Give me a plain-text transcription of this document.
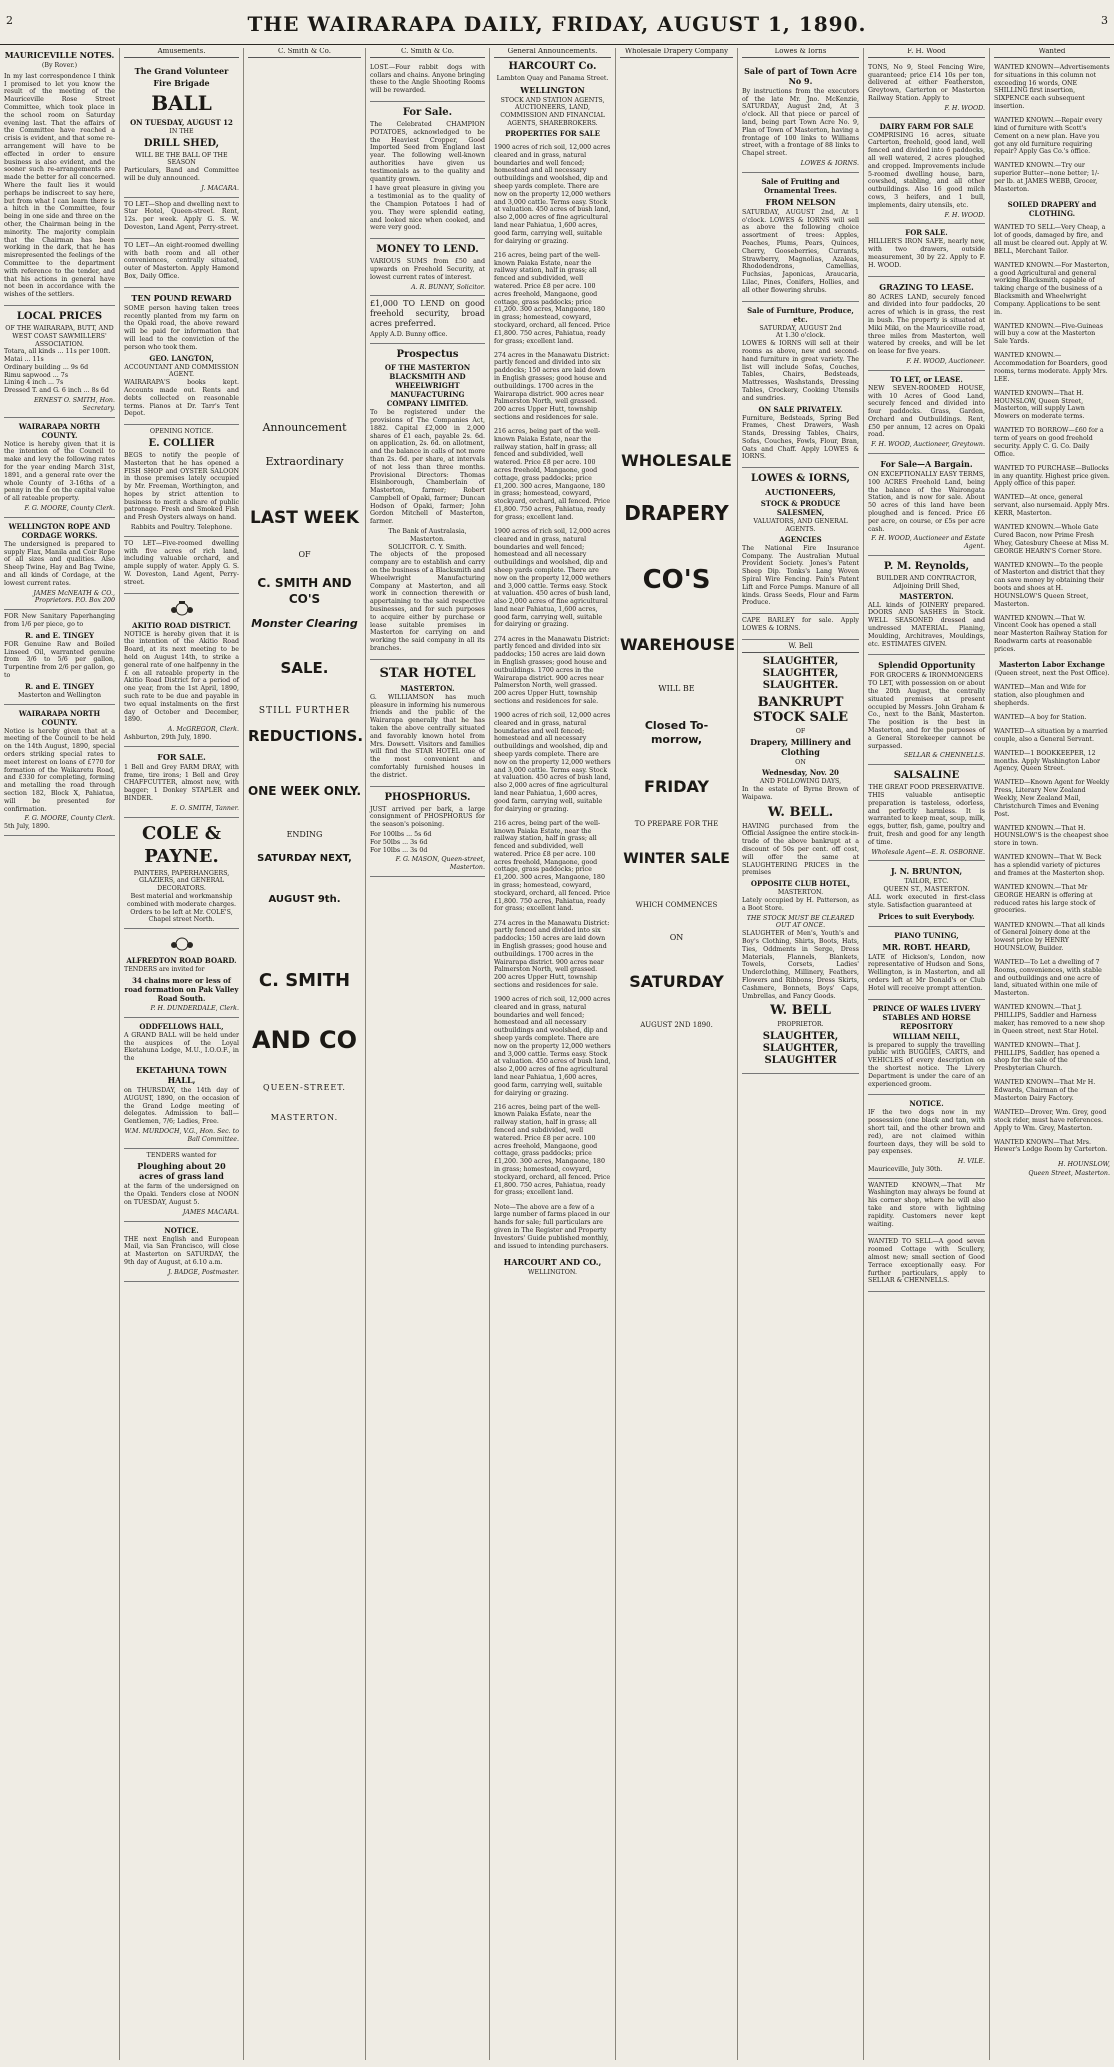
2	THE WAIRARAPA DAILY, FRIDAY, AUGUST 1, 1890.	3
MAURICEVILLE NOTES.
(By Rover.)

In my last correspondence I think I promised to let you know the result of the meeting of the Mauriceville Rose Street Committee, which took place in the school room on Saturday evening last. That the affairs of the Committee have reached a crisis is evident, and that some re-arrangement will have to be effected in order to ensure business is also evident, and the sooner such re-arrangements are made the better for all concerned. Where the fault lies it would perhaps be indiscreet to say here, but from what I can learn there is a hitch in the Committee, four being in one side and three on the other, the Chairman being in the minority. The majority complain that the Chairman has been working in the dark, that he has misrepresented the feelings of the Committee to the department with reference to the tender, and that his actions in general have not been in accordance with the wishes of the settlers.

LOCAL PRICES
OF THE WAIRARAPA, BUTT, AND WEST COAST SAWMILLERS' ASSOCIATION.
Totara, all kinds ... 11s per 100ft.
Matai ... 11s
Ordinary building ... 9s 6d
Rimu sapwood ... 7s
Lining 4 inch ... 7s
Dressed T. and G. 6 inch ... 8s 6d
ERNEST O. SMITH, Hon. Secretary.
WAIRARAPA NORTH COUNTY.

Notice is hereby given that it is the intention of the Council to make and levy the following rates for the year ending March 31st, 1891, and a general rate over the whole County of 3-16ths of a penny in the £ on the capital value of all rateable property.

F. G. MOORE, County Clerk.
WELLINGTON ROPE AND CORDAGE WORKS.

The undersigned is prepared to supply Flax, Manila and Coir Rope of all sizes and qualities. Also Sheep Twine, Hay and Bag Twine, and all kinds of Cordage, at the lowest current rates.

JAMES McNEATH & CO., Proprietors. P.O. Box 200

FOR New Sanitary Paperhanging from 1/6 per piece, go to

R. and E. TINGEY

FOR Genuine Raw and Boiled Linseed Oil, warranted genuine from 3/6 to 5/6 per gallon, Turpentine from 2/6 per gallon, go to

R. and E. TINGEY
Masterton and Wellington
WAIRARAPA NORTH COUNTY.

Notice is hereby given that at a meeting of the Council to be held on the 14th August, 1890, special orders striking special rates to meet interest on loans of £770 for formation of the Waikaretu Road, and £330 for completing, forming and metalling the road through section 182, Block X, Pahiatua, will be presented for confirmation.

F. G. MOORE, County Clerk.
5th July, 1890.
Amusements.
The Grand Volunteer
Fire Brigade
BALL
ON TUESDAY, AUGUST 12
IN THE
DRILL SHED,
WILL BE THE BALL OF THE SEASON

Particulars, Band and Committee will be duly announced.

J. MACARA.

TO LET—Shop and dwelling next to Star Hotel, Queen-street. Rent, 12s. per week. Apply G. S. W. Doveston, Land Agent, Perry-street.

TO LET—An eight-roomed dwelling with bath room and all other conveniences, centrally situated, outer of Masterton. Apply Hamond Box, Daily Office.

TEN POUND REWARD

SOME person having taken trees recently planted from my farm on the Opaki road, the above reward will be paid for information that will lead to the conviction of the person who took them.

GEO. LANGTON,
ACCOUNTANT AND COMMISSION AGENT.

WAIRARAPA'S books kept. Accounts made out. Rents and debts collected on reasonable terms. Pianos at Dr. Tarr's Tent Depot.

OPENING NOTICE.
E. COLLIER

BEGS to notify the people of Masterton that he has opened a FISH SHOP and OYSTER SALOON in those premises lately occupied by Mr. Freeman, Worthington, and hopes by strict attention to business to merit a share of public patronage. Fresh and Smoked Fish and Fresh Oysters always on hand.

Rabbits and Poultry. Telephone.

TO LET—Five-roomed dwelling with five acres of rich land, including valuable orchard, and ample supply of water. Apply G. S. W. Doveston, Land Agent, Perry-street.

AKITIO ROAD DISTRICT.

NOTICE is hereby given that it is the intention of the Akitio Road Board, at its next meeting to be held on August 14th, to strike a general rate of one halfpenny in the £ on all rateable property in the Akitio Road District for a period of one year, from the 1st April, 1890, such rate to be due and payable in two equal instalments on the first day of October and December, 1890.

A. McGREGOR, Clerk.
Ashburton, 29th July, 1890.
FOR SALE.

1 Bell and Grey FARM DRAY, with frame, tire irons; 1 Bell and Grey CHAFFCUTTER, almost new, with bagger; 1 Donkey STAPLER and BINDER.

E. O. SMITH, Tanner.
COLE &
PAYNE.
PAINTERS, PAPERHANGERS, GLAZIERS, and GENERAL DECORATORS.
Best material and workmanship combined with moderate charges.
Orders to be left at Mr. COLE'S, Chapel street North.
ALFREDTON ROAD BOARD.

TENDERS are invited for

34 chains more or less of road formation on Pak Valley Road South.
P. H. DUNDERDALE, Clerk.
ODDFELLOWS HALL,

A GRAND BALL will be held under the auspices of the Loyal Eketahuna Lodge, M.U., I.O.O.F., in the

EKETAHUNA TOWN HALL,

on THURSDAY, the 14th day of AUGUST, 1890, on the occasion of the Grand Lodge meeting of delegates. Admission to ball—Gentlemen, 7/6; Ladies, Free.

W.M. MURDOCH, V.G., Hon. Sec. to Ball Committee.
TENDERS wanted for
Ploughing about 20 acres of grass land

at the farm of the undersigned on the Opaki. Tenders close at NOON on TUESDAY, August 5.

JAMES MACARA.
NOTICE.

THE next English and European Mail, via San Francisco, will close at Masterton on SATURDAY, the 9th day of August, at 6.10 a.m.

J. BADGE, Postmaster.
C. Smith & Co.
Announcement
Extraordinary
LAST WEEK
OF
C. SMITH AND CO'S
Monster Clearing
SALE.
STILL FURTHER
REDUCTIONS.
ONE WEEK ONLY.
ENDING
SATURDAY NEXT,
AUGUST 9th.
C. SMITH
AND CO
QUEEN-STREET.
MASTERTON.
C. Smith & Co.

LOST.—Four rabbit dogs with collars and chains. Anyone bringing these to the Angle Shooting Rooms will be rewarded.

For Sale.

The Celebrated CHAMPION POTATOES, acknowledged to be the Heaviest Cropper, Good Imported Seed from England last year. The following well-known authorities have given us testimonials as to the quality and quantity grown.

I have great pleasure in giving you a testimonial as to the quality of the Champion Potatoes I had of you. They were splendid eating, and looked nice when cooked, and were very good.

MONEY TO LEND.

VARIOUS SUMS from £50 and upwards on Freehold Security, at lowest current rates of interest.

A. R. BUNNY, Solicitor.

£1,000 TO LEND on good freehold security, broad acres preferred.

Apply A.D. Bunny office.
Prospectus
OF THE MASTERTON BLACKSMITH AND WHEELWRIGHT MANUFACTURING COMPANY LIMITED.

To be registered under the provisions of The Companies Act, 1882. Capital £2,000 in 2,000 shares of £1 each, payable 2s. 6d. on application, 2s. 6d. on allotment, and the balance in calls of not more than 2s. 6d. per share, at intervals of not less than three months. Provisional Directors: Thomas Elsinborough, Chamberlain of Masterton, farmer; Robert Campbell of Opaki, farmer; Duncan Hodson of Opaki, farmer; John Gordon Mitchell of Masterton, farmer.

The Bank of Australasia, Masterton.
SOLICITOR. C. Y. Smith.

The objects of the proposed company are to establish and carry on the business of a Blacksmith and Wheelwright Manufacturing Company at Masterton, and all work in connection therewith or appertaining to the said respective businesses, and for such purposes to acquire either by purchase or lease suitable premises in Masterton for carrying on and working the said company in all its branches.

STAR HOTEL
MASTERTON.

G. WILLIAMSON has much pleasure in informing his numerous friends and the public of the Wairarapa generally that he has taken the above centrally situated and favorably known hotel from Mrs. Dowsett. Visitors and families will find the STAR HOTEL one of the most convenient and comfortably furnished houses in the district.

PHOSPHORUS.

JUST arrived per bark, a large consignment of PHOSPHORUS for the season's poisoning.

For 100lbs ... 5s 6d
For 50lbs ... 3s 6d
For 10lbs ... 3s 0d
F. G. MASON, Queen-street, Masterton.
General Announcements.
HARCOURT Co.
Lambton Quay and Panama Street.
WELLINGTON
STOCK AND STATION AGENTS, AUCTIONEERS, LAND, COMMISSION AND FINANCIAL AGENTS, SHAREBROKERS.
PROPERTIES FOR SALE

1900 acres of rich soil, 12,000 acres cleared and in grass, natural boundaries and well fenced; homestead and all necessary outbuildings and woolshed, dip and sheep yards complete. There are now on the property 12,000 wethers and 3,000 cattle. Terms easy. Stock at valuation. 450 acres of bush land, also 2,000 acres of fine agricultural land near Pahiatua, 1,600 acres, good farm, carrying well, suitable for dairying or grazing.

216 acres, being part of the well-known Paiaka Estate, near the railway station, half in grass; all fenced and subdivided, well watered. Price £8 per acre. 100 acres freehold, Mangaone, good cottage, grass paddocks; price £1,200. 300 acres, Mangaone, 180 in grass; homestead, cowyard, stockyard, orchard, all fenced. Price £1,800. 750 acres, Pahiatua, ready for grass; excellent land.

274 acres in the Manawatu District: partly fenced and divided into six paddocks; 150 acres are laid down in English grasses; good house and outbuildings. 1700 acres in the Wairarapa district. 900 acres near Palmerston North, well grassed. 200 acres Upper Hutt, township sections and residences for sale.

216 acres, being part of the well-known Paiaka Estate, near the railway station, half in grass; all fenced and subdivided, well watered. Price £8 per acre. 100 acres freehold, Mangaone, good cottage, grass paddocks; price £1,200. 300 acres, Mangaone, 180 in grass; homestead, cowyard, stockyard, orchard, all fenced. Price £1,800. 750 acres, Pahiatua, ready for grass; excellent land.

1900 acres of rich soil, 12,000 acres cleared and in grass, natural boundaries and well fenced; homestead and all necessary outbuildings and woolshed, dip and sheep yards complete. There are now on the property 12,000 wethers and 3,000 cattle. Terms easy. Stock at valuation. 450 acres of bush land, also 2,000 acres of fine agricultural land near Pahiatua, 1,600 acres, good farm, carrying well, suitable for dairying or grazing.

274 acres in the Manawatu District: partly fenced and divided into six paddocks; 150 acres are laid down in English grasses; good house and outbuildings. 1700 acres in the Wairarapa district. 900 acres near Palmerston North, well grassed. 200 acres Upper Hutt, township sections and residences for sale.

1900 acres of rich soil, 12,000 acres cleared and in grass, natural boundaries and well fenced; homestead and all necessary outbuildings and woolshed, dip and sheep yards complete. There are now on the property 12,000 wethers and 3,000 cattle. Terms easy. Stock at valuation. 450 acres of bush land, also 2,000 acres of fine agricultural land near Pahiatua, 1,600 acres, good farm, carrying well, suitable for dairying or grazing.

216 acres, being part of the well-known Paiaka Estate, near the railway station, half in grass; all fenced and subdivided, well watered. Price £8 per acre. 100 acres freehold, Mangaone, good cottage, grass paddocks; price £1,200. 300 acres, Mangaone, 180 in grass; homestead, cowyard, stockyard, orchard, all fenced. Price £1,800. 750 acres, Pahiatua, ready for grass; excellent land.

274 acres in the Manawatu District: partly fenced and divided into six paddocks; 150 acres are laid down in English grasses; good house and outbuildings. 1700 acres in the Wairarapa district. 900 acres near Palmerston North, well grassed. 200 acres Upper Hutt, township sections and residences for sale.

1900 acres of rich soil, 12,000 acres cleared and in grass, natural boundaries and well fenced; homestead and all necessary outbuildings and woolshed, dip and sheep yards complete. There are now on the property 12,000 wethers and 3,000 cattle. Terms easy. Stock at valuation. 450 acres of bush land, also 2,000 acres of fine agricultural land near Pahiatua, 1,600 acres, good farm, carrying well, suitable for dairying or grazing.

216 acres, being part of the well-known Paiaka Estate, near the railway station, half in grass; all fenced and subdivided, well watered. Price £8 per acre. 100 acres freehold, Mangaone, good cottage, grass paddocks; price £1,200. 300 acres, Mangaone, 180 in grass; homestead, cowyard, stockyard, orchard, all fenced. Price £1,800. 750 acres, Pahiatua, ready for grass; excellent land.

Note—The above are a few of a large number of farms placed in our hands for sale; full particulars are given in The Register and Property Investors' Guide published monthly, and issued to intending purchasers.

HARCOURT AND CO.,
WELLINGTON.
Wholesale Drapery Company
WHOLESALE
DRAPERY
CO'S
WAREHOUSE
WILL BE
Closed To-morrow,
FRIDAY
TO PREPARE FOR THE
WINTER SALE
WHICH COMMENCES
ON
SATURDAY
AUGUST 2ND 1890.
Lowes & Iorns
Sale of part of Town Acre No 9.

By instructions from the executors of the late Mr. Jno. McKenzie, SATURDAY, August 2nd, At 3 o'clock. All that piece or parcel of land, being part Town Acre No. 9, Plan of Town of Masterton, having a frontage of 100 links to Williams street, with a frontage of 88 links to Chapel street.

LOWES & IORNS.
Sale of Fruiting and Ornamental Trees.
FROM NELSON

SATURDAY, AUGUST 2nd, At 1 o'clock. LOWES & IORNS will sell as above the following choice assortment of trees: Apples, Peaches, Plums, Pears, Quinces, Cherry, Gooseberries, Currants, Strawberry, Magnolias, Azaleas, Rhododendrons, Camellias, Fuchsias, Japonicas, Araucaria, Lilac, Pines, Conifers, Hollies, and all other flowering shrubs.

Sale of Furniture, Produce, etc.
SATURDAY, AUGUST 2nd
At 1.30 o'clock.

LOWES & IORNS will sell at their rooms as above, new and second-hand furniture in great variety. The list will include Sofas, Couches, Tables, Chairs, Bedsteads, Mattresses, Washstands, Dressing Tables, Crockery, Cooking Utensils and sundries.

ON SALE PRIVATELY.

Furniture, Bedsteads, Spring Bed Frames, Chest Drawers, Wash Stands, Dressing Tables, Chairs, Sofas, Couches, Fowls, Flour, Bran, Oats and Chaff. Apply LOWES & IORNS.

LOWES & IORNS,
AUCTIONEERS,
STOCK & PRODUCE SALESMEN,
VALUATORS, AND GENERAL AGENTS.
AGENCIES

The National Fire Insurance Company. The Australian Mutual Provident Society. Jones's Patent Sheep Dip. Tonks's Lang Woven Spiral Wire Fencing. Pain's Patent Lift and Force Pumps. Manure of all kinds. Grass Seeds, Flour and Farm Produce.

CAPE BARLEY for sale. Apply LOWES & IORNS.

W. Bell
SLAUGHTER, SLAUGHTER, SLAUGHTER.
BANKRUPT STOCK SALE
OF
Drapery, Millinery and Clothing
ON
Wednesday, Nov. 20
AND FOLLOWING DAYS,

In the estate of Byrne Brown of Waipawa.

W. BELL.

HAVING purchased from the Official Assignee the entire stock-in-trade of the above bankrupt at a discount of 50s per cent. off cost, will offer the same at SLAUGHTERING PRICES in the premises

OPPOSITE CLUB HOTEL,
MASTERTON.

Lately occupied by H. Patterson, as a Boot Store.

THE STOCK MUST BE CLEARED OUT AT ONCE.

SLAUGHTER of Men's, Youth's and Boy's Clothing, Shirts, Boots, Hats, Ties, Oddments in Serge, Dress Materials, Flannels, Blankets, Towels, Corsets, Ladies' Underclothing, Millinery, Feathers, Flowers and Ribbons; Dress Skirts, Cashmere, Bonnets, Boys' Caps, Umbrellas, and Fancy Goods.

W. BELL
PROPRIETOR.
SLAUGHTER, SLAUGHTER, SLAUGHTER
F. H. Wood

TONS, No 9, Steel Fencing Wire, guaranteed; price £14 10s per ton, delivered at either Featherston, Greytown, Carterton or Masterton Railway Station. Apply to

F. H. WOOD.
DAIRY FARM FOR SALE

COMPRISING 16 acres, situate Carterton, freehold, good land, well fenced and divided into 6 paddocks, all well watered, 2 acres ploughed and cropped. Improvements include 5-roomed dwelling house, barn, cowshed, stabling, and all other outbuildings. Also 16 good milch cows, 3 heifers, and 1 bull, implements, dairy utensils, etc.

F. H. WOOD.
FOR SALE.

HILLIER'S IRON SAFE, nearly new, with two drawers, outside measurement, 30 by 22. Apply to F. H. WOOD.

GRAZING TO LEASE.

80 ACRES LAND, securely fenced and divided into four paddocks, 20 acres of which is in grass, the rest in bush. The property is situated at Miki Miki, on the Mauriceville road, three miles from Masterton, well watered by creeks, and will be let on lease for five years.

F. H. WOOD, Auctioneer.
TO LET, or LEASE.

NEW SEVEN-ROOMED HOUSE, with 10 Acres of Good Land, securely fenced and divided into four paddocks. Grass, Garden, Orchard and Outbuildings. Rent, £50 per annum, 12 acres on Opaki road.

F. H. WOOD, Auctioneer, Greytown.
For Sale—A Bargain.
ON EXCEPTIONALLY EASY TERMS,

100 ACRES Freehold Land, being the balance of the Wairongata Station, and is now for sale. About 50 acres of this land have been ploughed and is fenced. Price £6 per acre, on course, or £5s per acre cash.

F. H. WOOD, Auctioneer and Estate Agent.
P. M. Reynolds,
BUILDER AND CONTRACTOR,
Adjoining Drill Shed,
MASTERTON.

ALL kinds of JOINERY prepared. DOORS AND SASHES in Stock. WELL SEASONED dressed and undressed MATERIAL. Planing, Moulding, Architraves, Mouldings, etc. ESTIMATES GIVEN.

Splendid Opportunity
FOR GROCERS & IRONMONGERS

TO LET, with possession on or about the 20th August, the centrally situated premises at present occupied by Messrs. John Graham & Co., next to the Bank, Masterton. The position is the best in Masterton, and for the purposes of a General Storekeeper cannot be surpassed.

SELLAR & CHENNELLS.
SALSALINE
THE GREAT FOOD PRESERVATIVE.

THIS valuable antiseptic preparation is tasteless, odorless, and perfectly harmless. It is warranted to keep meat, soup, milk, eggs, butter, fish, game, poultry and fruit, fresh and good for any length of time.

Wholesale Agent—E. R. OSBORNE.
J. N. BRUNTON,
TAILOR, ETC.
QUEEN ST., MASTERTON.

ALL work executed in first-class style. Satisfaction guaranteed at

Prices to suit Everybody.
PIANO TUNING,
MR. ROBT. HEARD,

LATE of Hickson's, London, now representative of Hudson and Sons, Wellington, is in Masterton, and all orders left at Mr Donald's or Club Hotel will receive prompt attention.

PRINCE OF WALES LIVERY STABLES AND HORSE REPOSITORY
WILLIAM NEILL,

is prepared to supply the travelling public with BUGGIES, CARTS, and VEHICLES of every description on the shortest notice. The Livery Department is under the care of an experienced groom.

NOTICE.

IF the two dogs now in my possession (one black and tan, with short tail, and the other brown and red), are not claimed within fourteen days, they will be sold to pay expenses.

H. VILE.
Mauriceville, July 30th.

WANTED KNOWN,—That Mr Washington may always be found at his corner shop, where he will also take and store with lightning rapidity. Customers never kept waiting.

WANTED TO SELL—A good seven roomed Cottage with Scullery, almost new; small section of Good Terrace exceptionally easy. For further particulars, apply to SELLAR & CHENNELLS.

Wanted

WANTED KNOWN—Advertisements for situations in this column not exceeding 16 words, ONE SHILLING first insertion, SIXPENCE each subsequent insertion.

WANTED KNOWN.—Repair every kind of furniture with Scott's Cement on a new plan. Have you got any old furniture requiring repair? Apply Gas Co.'s office.

WANTED KNOWN.—Try our superior Butter—none better; 1/- per lb. at JAMES WEBB, Grocer, Masterton.

SOILED DRAPERY and CLOTHING.

WANTED TO SELL—Very Cheap, a lot of goods, damaged by fire, and all must be cleared out. Apply at W. BELL, Merchant Tailor.

WANTED KNOWN.—For Masterton, a good Agricultural and general working Blacksmith, capable of taking charge of the business of a Blacksmith and Wheelwright Company. Applications to be sent in.

WANTED KNOWN.—Five-Guineas will buy a cow at the Masterton Sale Yards.

WANTED KNOWN.—Accommodation for Boarders, good rooms, terms moderate. Apply Mrs. LEE.

WANTED KNOWN—That H. HOUNSLOW, Queen Street, Masterton, will supply Lawn Mowers on moderate terms.

WANTED TO BORROW—£60 for a term of years on good freehold security. Apply C. G. Co. Daily Office.

WANTED TO PURCHASE—Bullocks in any quantity. Highest price given. Apply office of this paper.

WANTED—At once, general servant, also nursemaid. Apply Mrs. KERR, Masterton.

WANTED KNOWN.—Whole Gate Cured Bacon, now Prime Fresh Whey, Gatesbury Cheese at Miss M. GEORGE HEARN'S Corner Store.

WANTED KNOWN—To the people of Masterton and district that they can save money by obtaining their boots and shoes at H. HOUNSLOW'S Queen Street, Masterton.

WANTED KNOWN.—That W. Vincent Cook has opened a stall near Masterton Railway Station for Roadwarm carts at reasonable prices.

Masterton Labor Exchange
(Queen street, next the Post Office).

WANTED—Man and Wife for station, also ploughmen and shepherds.

WANTED—A boy for Station.

WANTED—A situation by a married couple, also a General Servant.

WANTED—1 BOOKKEEPER, 12 months. Apply Washington Labor Agency, Queen Street.

WANTED—Known Agent for Weekly Press, Literary New Zealand Weekly, New Zealand Mail, Christchurch Times and Evening Post.

WANTED KNOWN.—That H. HOUNSLOW'S is the cheapest shoe store in town.

WANTED KNOWN—That W. Beck has a splendid variety of pictures and frames at the Masterton shop.

WANTED KNOWN.—That Mr GEORGE HEARN is offering at reduced rates his large stock of groceries.

WANTED KNOWN.—That all kinds of General Joinery done at the lowest price by HENRY HOUNSLOW, Builder.

WANTED—To Let a dwelling of 7 Rooms, conveniences, with stable and outbuildings and one acre of land, situated within one mile of Masterton.

WANTED KNOWN.—That J. PHILLIPS, Saddler and Harness maker, has removed to a new shop in Queen street, next Star Hotel.

WANTED KNOWN—That J. PHILLIPS, Saddler, has opened a shop for the sale of the Presbyterian Church.

WANTED KNOWN—That Mr H. Edwards, Chairman of the Masterton Dairy Factory.

WANTED—Drover, Wm. Grey, good stock rider, must have references. Apply to Wm. Grey, Masterton.

WANTED KNOWN—That Mrs. Hewer's Lodge Room by Carterton.

H. HOUNSLOW,
Queen Street, Masterton.
